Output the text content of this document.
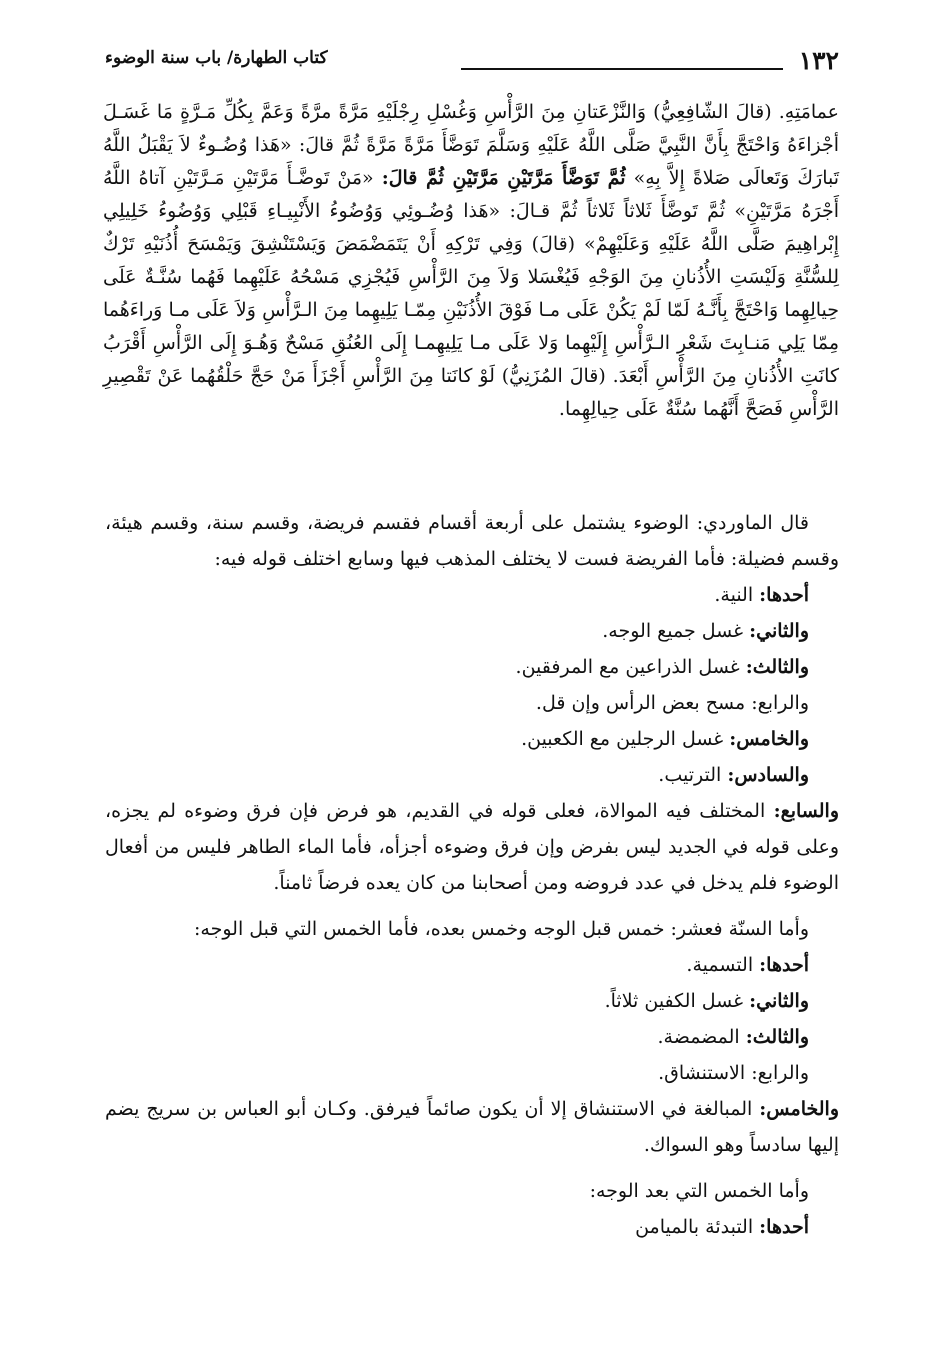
١٣٢
كتاب الطهارة/ باب سنة الوضوء
عمامَتِهِ. (قالَ الشّافِعِيُّ) وَالنَّزْعَتانِ مِنَ الرَّأْسِ وَغُسْلِ رِجْلَيْهِ مَرَّةً مرَّةً وَعَمَّ بِكُلِّ مَـرَّةٍ مَا غَسَـلَ أجْزاءَهُ وَاحْتَجَّ بِأَنَّ النَّبِيَّ صَلَّى اللَّهُ عَلَيْهِ وَسَلَّمَ تَوَضَّأَ مَرَّةً مَرَّةً ثُمَّ قالَ: «هَذا وُضُـوءٌ لاَ يَقْبَلُ اللَّهُ تَبارَكَ وَتَعالَى صَلاةً إِلاَّ بِهِ» ثُمَّ تَوَضَّأَ مَرَّتَيْنِ مَرَّتَيْنِ ثُمَّ قالَ: «مَنْ تَوضَّـأَ مَرَّتَيْنِ مَـرَّتَيْنِ آتاهُ اللَّهُ أَجْرَهُ مَرَّتَيْنِ» ثُمَّ تَوضَّأَ ثَلاثاً ثَلاثاً ثُمَّ قـالَ: «هَذا وُضُـوئِي وَوُضُوءُ الأَنْبِيـاءِ قَبْلِي وَوُضُوءُ خَلِيلِي إِبْراهِيمَ صَلَّى اللَّهُ عَلَيْهِ وَعَلَيْهِمْ» (قالَ) وَفِي تَرْكِهِ أَنْ يَتَمَضْمَضَ وَيَسْتَنْشِقَ وَيَمْسَحَ أُذُنَيْهِ تَرْكٌ لِلسُّنَّةِ وَلَيْسَتِ الأُذُنانِ مِنَ الوَجْهِ فَيُغْسَلا وَلاَ مِنَ الرَّأْسِ فَيُجْزِي مَسْحُهُ عَلَيْهِما فَهُما سُنَّـةٌ عَلَى حِيالِهِما وَاحْتَجَّ بِأَنَّـهُ لَمّا لَمْ يَكُنْ عَلَى مـا فَوْقَ الأُذُنَيْنِ مِمّـا يَلِيهِما مِنَ الـرَّأْسِ وَلاَ عَلَى مـا وَراءَهُما مِمّا يَلِي مَنـابِتَ شَعْرِ الـرَّأْسِ إِلَيْهِما وَلا عَلَى مـا يَلِيهِمـا إِلَى العُنُقِ مَسْحٌ وَهُـوَ إِلَى الرَّأْسِ أَقْرَبُ كانَتِ الأُذُنانِ مِنَ الرَّأْسِ أَبْعَدَ. (قالَ المُزَنِيُّ) لَوْ كانَتا مِنَ الرَّأْسِ أَجْزَأَ مَنْ حَجَّ حَلْقُهُما عَنْ تَقْصِيرِ الرَّأْسِ فَصَحَّ أَنَّهُما سُنَّةٌ عَلَى حِيالِهِما.

قال الماوردي: الوضوء يشتمل على أربعة أقسام فقسم فريضة، وقسم سنة، وقسم هيئة، وقسم فضيلة: فأما الفريضة فست لا يختلف المذهب فيها وسابع اختلف قوله فيه:

أحدها: النية.

والثاني: غسل جميع الوجه.

والثالث: غسل الذراعين مع المرفقين.

والرابع: مسح بعض الرأس وإن قل.

والخامس: غسل الرجلين مع الكعبين.

والسادس: الترتيب.

والسابع: المختلف فيه الموالاة، فعلى قوله في القديم، هو فرض فإن فرق وضوءه لم يجزه، وعلى قوله في الجديد ليس بفرض وإن فرق وضوءه أجزأه، فأما الماء الطاهر فليس من أفعال الوضوء فلم يدخل في عدد فروضه ومن أصحابنا من كان يعده فرضاً ثامناً.

وأما السنّة فعشر: خمس قبل الوجه وخمس بعده، فأما الخمس التي قبل الوجه:

أحدها: التسمية.

والثاني: غسل الكفين ثلاثاً.

والثالث: المضمضة.

والرابع: الاستنشاق.

والخامس: المبالغة في الاستنشاق إلا أن يكون صائماً فيرفق. وكـان أبو العباس بن سريج يضم إليها سادساً وهو السواك.

وأما الخمس التي بعد الوجه:

أحدها: التبدئة بالميامن
